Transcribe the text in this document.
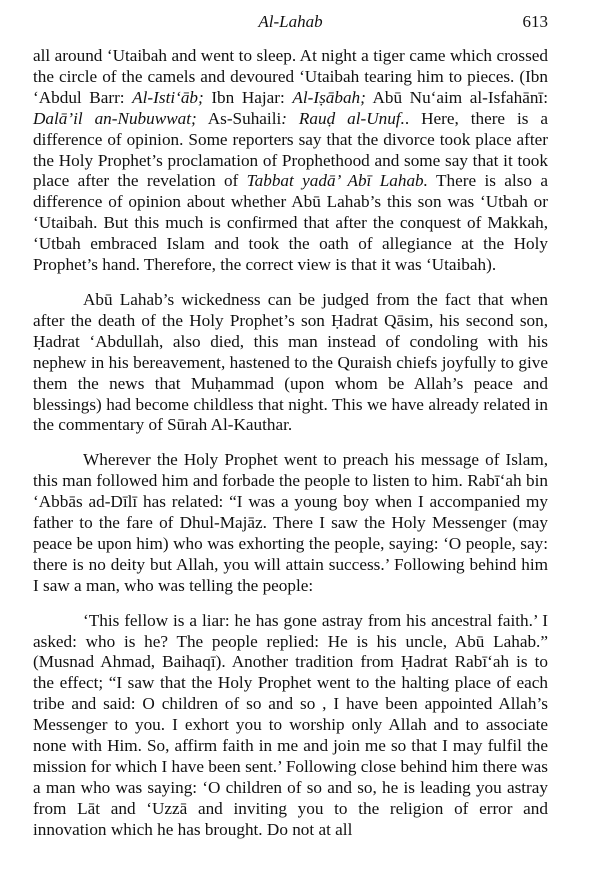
Al-Lahab	613

all around ‘Utaibah and went to sleep. At night a tiger came which crossed the circle of the camels and devoured ‘Utaibah tearing him to pieces. (Ibn ‘Abdul Barr: Al-Isti‘āb; Ibn Hajar: Al-Iṣābah; Abū Nu‘aim al-Isfahānī: Dalā’il an-Nubuwwat; As-Suhaili: Rauḍ al-Unuf.. Here, there is a difference of opinion. Some reporters say that the divorce took place after the Holy Prophet’s proclamation of Prophethood and some say that it took place after the revelation of Tabbat yadā’ Abī Lahab. There is also a difference of opinion about whether Abū Lahab’s this son was ‘Utbah or ‘Utaibah. But this much is confirmed that after the conquest of Makkah, ‘Utbah embraced Islam and took the oath of allegiance at the Holy Prophet’s hand. Therefore, the correct view is that it was ‘Utaibah).

Abū Lahab’s wickedness can be judged from the fact that when after the death of the Holy Prophet’s son Ḥadrat Qāsim, his second son, Ḥadrat ‘Abdullah, also died, this man instead of condoling with his nephew in his bereavement, hastened to the Quraish chiefs joyfully to give them the news that Muḥammad (upon whom be Allah’s peace and blessings) had become childless that night. This we have already related in the commentary of Sūrah Al-Kauthar.

Wherever the Holy Prophet went to preach his message of Islam, this man followed him and forbade the people to listen to him. Rabī‘ah bin ‘Abbās ad-Dīlī has related: “I was a young boy when I accompanied my father to the fare of Dhul-Majāz. There I saw the Holy Messenger (may peace be upon him) who was exhorting the people, saying: ‘O people, say: there is no deity but Allah, you will attain success.’ Following behind him I saw a man, who was telling the people:

‘This fellow is a liar: he has gone astray from his ancestral faith.’ I asked: who is he? The people replied: He is his uncle, Abū Lahab.” (Musnad Ahmad, Baihaqī). Another tradition from Ḥadrat Rabī‘ah is to the effect; “I saw that the Holy Prophet went to the halting place of each tribe and said: O children of so and so , I have been appointed Allah’s Messenger to you. I exhort you to worship only Allah and to associate none with Him. So, affirm faith in me and join me so that I may fulfil the mission for which I have been sent.’ Following close behind him there was a man who was saying: ‘O children of so and so, he is leading you astray from Lāt and ‘Uzzā and inviting you to the religion of error and innovation which he has brought. Do not at all
